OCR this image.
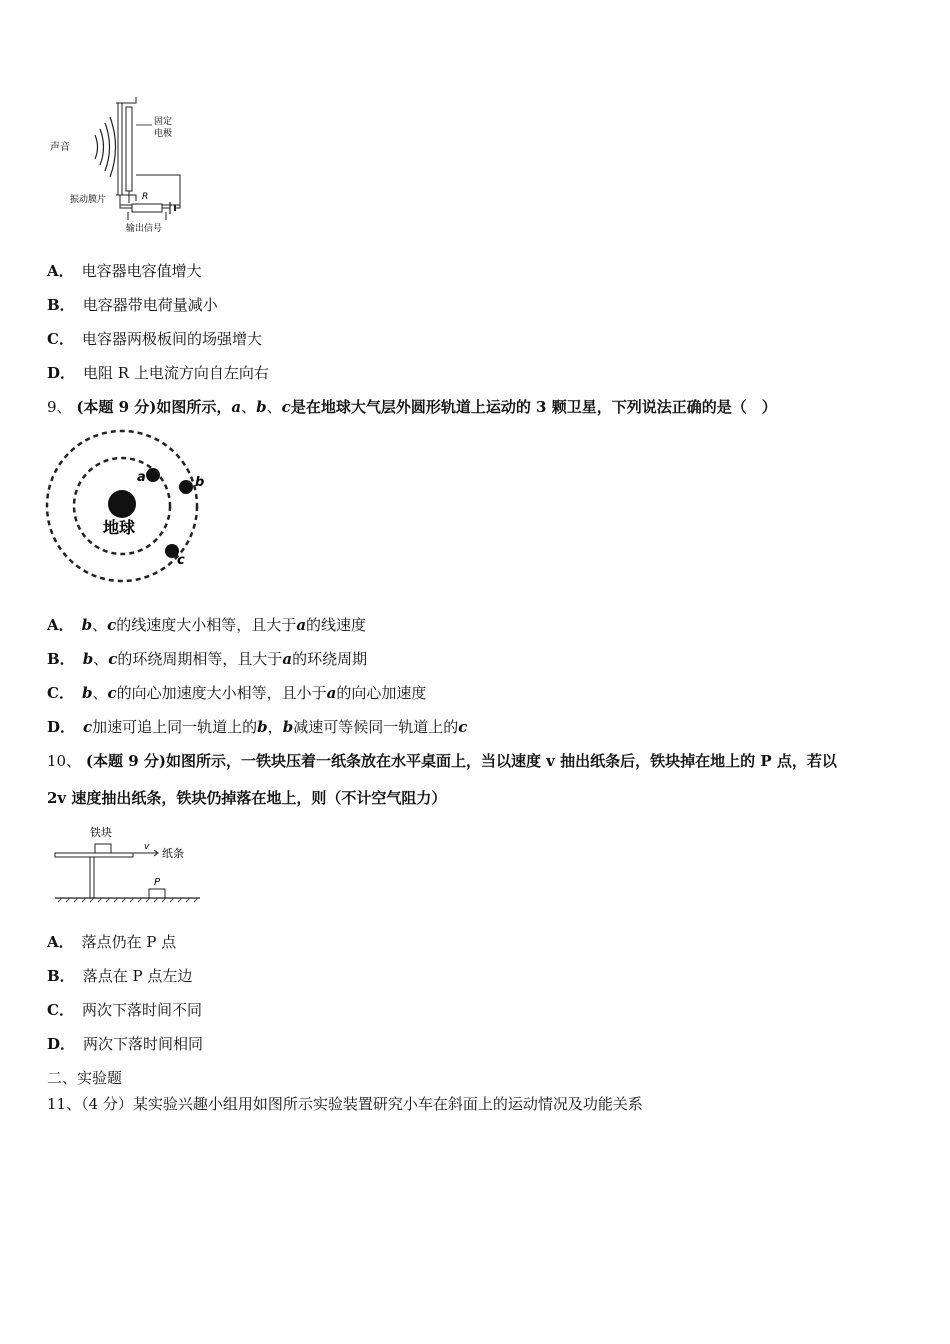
声音
固定
电极
R
振动膜片
输出信号
A． 电容器电容值增大
B． 电容器带电荷量减小
C． 电容器两极板间的场强增大
D． 电阻 R 上电流方向自左向右
9、 (本题 9 分)如图所示，a、b、c是在地球大气层外圆形轨道上运动的 3 颗卫星，下列说法正确的是（　）
地球
a	b
c
A． b、c的线速度大小相等，且大于a的线速度
B． b、c的环绕周期相等，且大于a的环绕周期
C． b、c的向心加速度大小相等，且小于a的向心加速度
D． c加速可追上同一轨道上的b，b减速可等候同一轨道上的c
10、 (本题 9 分)如图所示，一铁块压着一纸条放在水平桌面上，当以速度 v 抽出纸条后，铁块掉在地上的 P 点，若以
2v 速度抽出纸条，铁块仍掉落在地上，则（不计空气阻力）
铁块
v 纸条
P
A． 落点仍在 P 点
B． 落点在 P 点左边
C． 两次下落时间不同
D． 两次下落时间相同
二、实验题
11、（4 分）某实验兴趣小组用如图所示实验装置研究小车在斜面上的运动情况及功能关系
